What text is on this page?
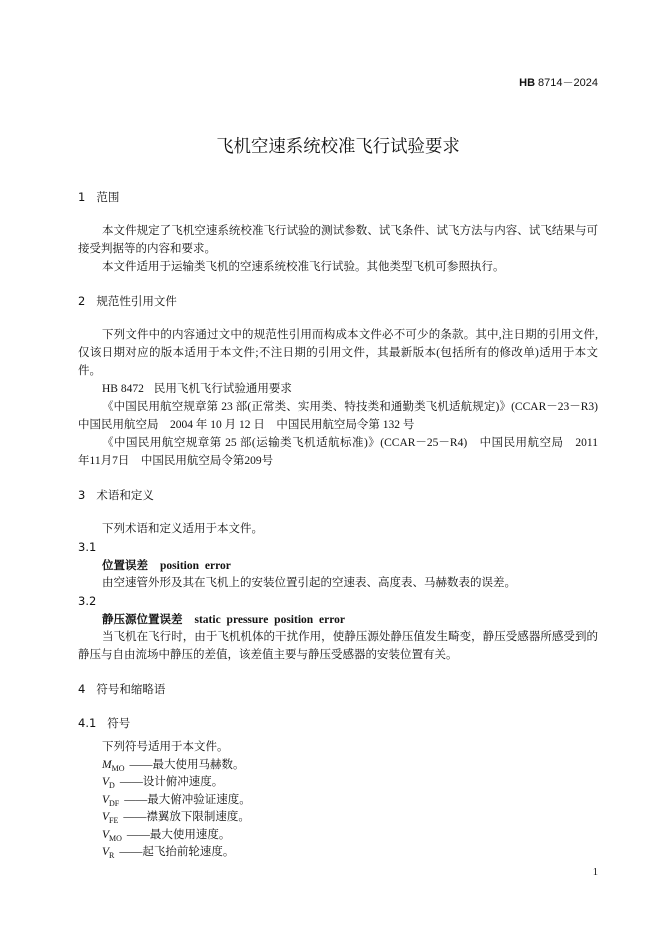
HB 8714－2024
飞机空速系统校准飞行试验要求
1 范围
本文件规定了飞机空速系统校准飞行试验的测试参数、试飞条件、试飞方法与内容、试飞结果与可
接受判据等的内容和要求。
本文件适用于运输类飞机的空速系统校准飞行试验。其他类型飞机可参照执行。
2 规范性引用文件
下列文件中的内容通过文中的规范性引用而构成本文件必不可少的条款。其中,注日期的引用文件,
仅该日期对应的版本适用于本文件;不注日期的引用文件，其最新版本(包括所有的修改单)适用于本文
件。
HB 8472 民用飞机飞行试验通用要求
《中国民用航空规章第 23 部(正常类、实用类、特技类和通勤类飞机适航规定)》(CCAR－23－R3)
中国民用航空局　2004 年 10 月 12 日　中国民用航空局令第 132 号
《中国民用航空规章第 25 部(运输类飞机适航标准)》(CCAR－25－R4)　中国民用航空局　2011
年11月7日　中国民用航空局令第209号
3 术语和定义
下列术语和定义适用于本文件。
3.1
位置误差 position error
由空速管外形及其在飞机上的安装位置引起的空速表、高度表、马赫数表的误差。
3.2
静压源位置误差 static pressure position error
当飞机在飞行时，由于飞机机体的干扰作用，使静压源处静压值发生畸变，静压受感器所感受到的
静压与自由流场中静压的差值，该差值主要与静压受感器的安装位置有关。
4 符号和缩略语
4.1 符号
下列符号适用于本文件。
$M_{MO}$ ——最大使用马赫数。
$V_D$ ——设计俯冲速度。
$V_{DF}$ ——最大俯冲验证速度。
$V_{FE}$ ——襟翼放下限制速度。
$V_{MO}$ ——最大使用速度。
$V_R$ ——起飞抬前轮速度。
1
